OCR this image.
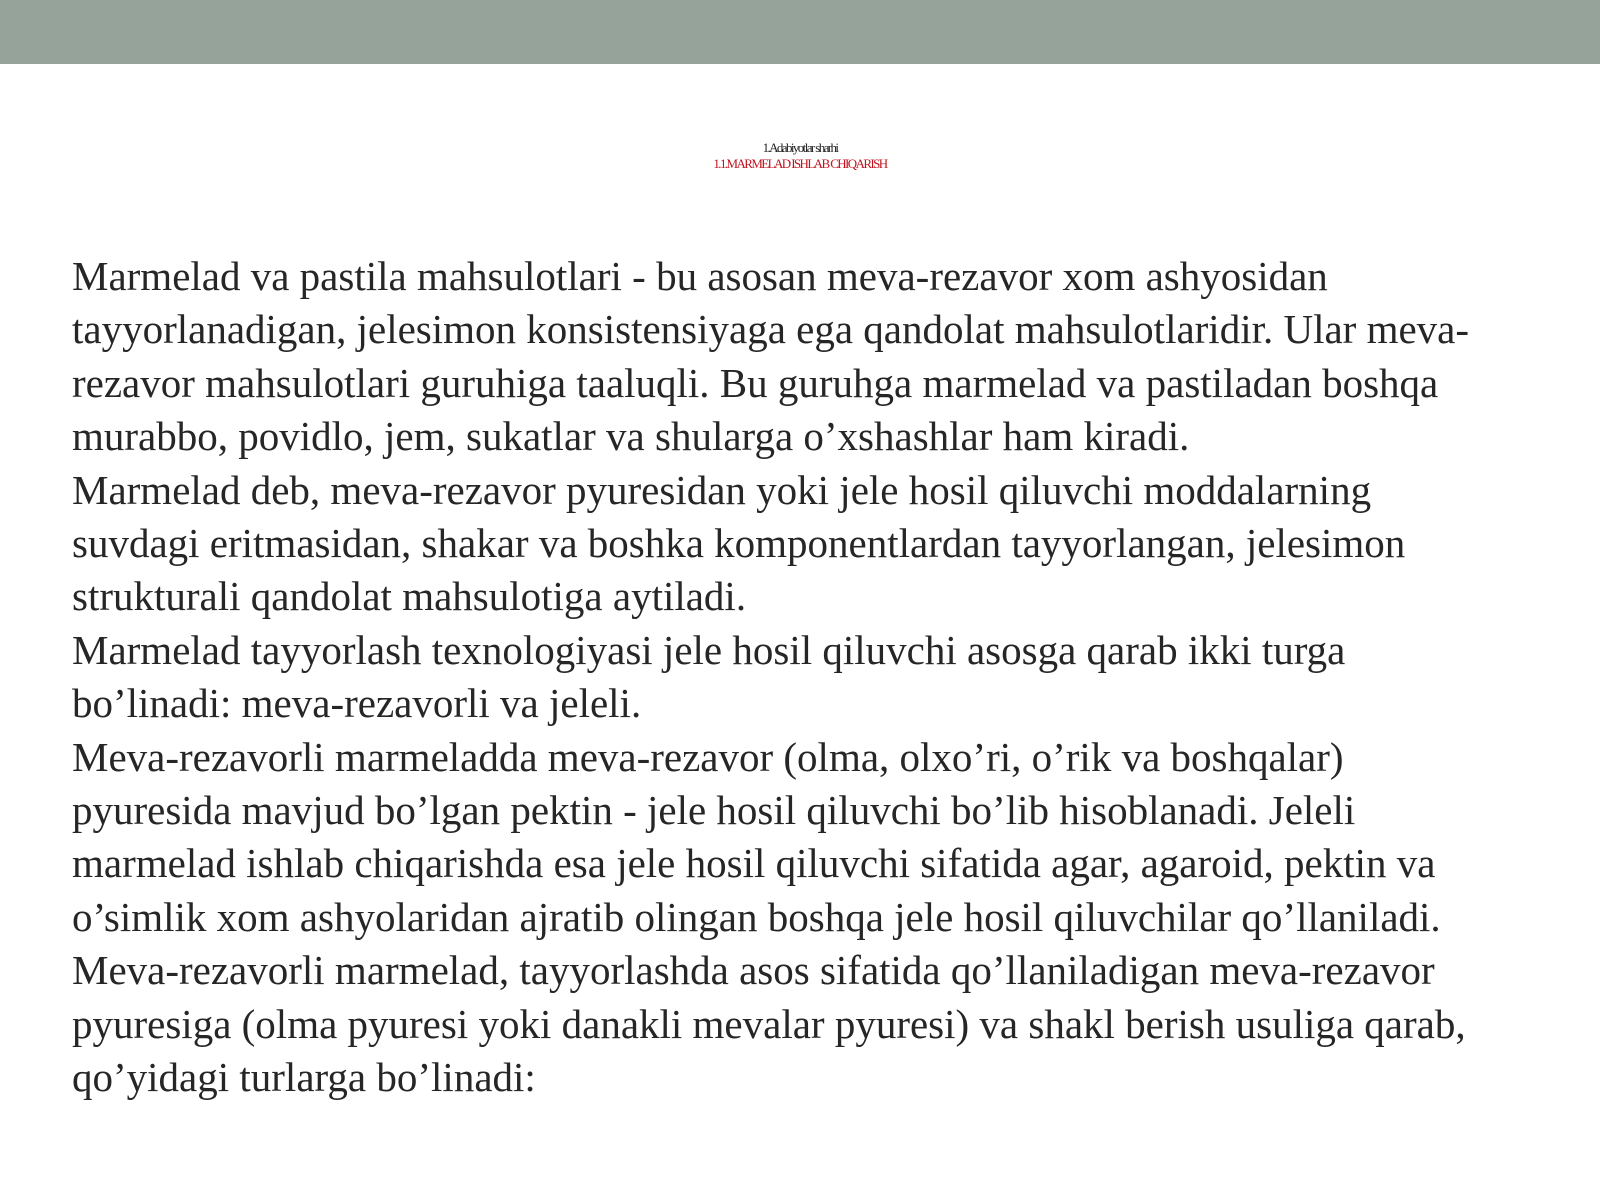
1.Adabiyotlar sharhi
1.1.MARMELAD ISHLAB CHIQARISH

Marmelad va pastila mahsulotlari - bu asosan meva-rezavor xom ashyosidan
tayyorlanadigan, jelesimon konsistensiyaga ega qandolat mahsulotlaridir. Ular meva-
rezavor mahsulotlari guruhiga taaluqli. Bu guruhga marmelad va pastiladan boshqa
murabbo, povidlo, jem, sukatlar va shularga o’xshashlar ham kiradi.

Marmelad deb, meva-rezavor pyuresidan yoki jele hosil qiluvchi moddalarning
suvdagi eritmasidan, shakar va boshka komponentlardan tayyorlangan, jelesimon
strukturali qandolat mahsulotiga aytiladi.

Marmelad tayyorlash texnologiyasi jele hosil qiluvchi asosga qarab ikki turga
bo’linadi: meva-rezavorli va jeleli.

Meva-rezavorli marmeladda meva-rezavor (olma, olxo’ri, o’rik va boshqalar)
pyuresida mavjud bo’lgan pektin - jele hosil qiluvchi bo’lib hisoblanadi. Jeleli
marmelad ishlab chiqarishda esa jele hosil qiluvchi sifatida agar, agaroid, pektin va
o’simlik xom ashyolaridan ajratib olingan boshqa jele hosil qiluvchilar qo’llaniladi.

Meva-rezavorli marmelad, tayyorlashda asos sifatida qo’llaniladigan meva-rezavor
pyuresiga (olma pyuresi yoki danakli mevalar pyuresi) va shakl berish usuliga qarab,
qo’yidagi turlarga bo’linadi:
